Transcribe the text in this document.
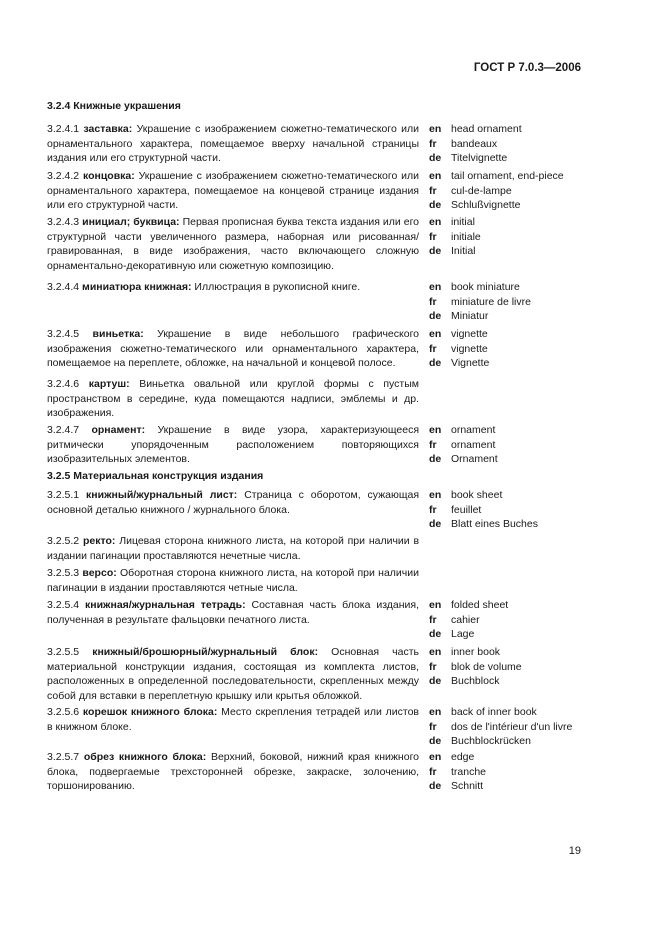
ГОСТ Р 7.0.3—2006
3.2.4 Книжные украшения
3.2.5 Материальная конструкция издания
3.2.4.1 заставка: Украшение с изображением сюжетно-тематического или орнаментального характера, помещаемое вверху начальной страницы издания или его структурной части.
en head ornament
fr	bandeaux
de Titelvignette
3.2.4.2 концовка: Украшение с изображением сюжетно-тематического или орнаментального характера, помещаемое на концевой странице издания или его структурной части.
en tail ornament, end-piece
fr	cul-de-lampe
de Schlußvignette
3.2.4.3 инициал; буквица: Первая прописная буква текста издания или его структурной части увеличенного размера, наборная или рисованная/гравированная, в виде изображения, часто включающего сложную орнаментально-декоративную или сюжетную композицию.
en initial
fr	initiale
de Initial
3.2.4.4 миниатюра книжная: Иллюстрация в рукописной книге.	en book miniature
fr	miniature de livre
de Miniatur
3.2.4.5 виньетка: Украшение в виде небольшого графического изображения сюжетно-тематического или орнаментального характера, помещаемое на переплете, обложке, на начальной и концевой полосе.
en vignette
fr	vignette
de Vignette
3.2.4.6 картуш: Виньетка овальной или круглой формы с пустым пространством в середине, куда помещаются надписи, эмблемы и др. изображения.
3.2.4.7 орнамент: Украшение в виде узора, характеризующееся ритмически упорядоченным расположением повторяющихся изобразительных элементов.
en ornament
fr	ornament
de Ornament
3.2.5.1 книжный/журнальный лист: Страница с оборотом, сужающая основной деталью книжного / журнального блока.
en book sheet
fr	feuillet
de Blatt eines Buches
3.2.5.2 ректо: Лицевая сторона книжного листа, на которой при наличии в издании пагинации проставляются нечетные числа.
3.2.5.3 версо: Оборотная сторона книжного листа, на которой при наличии пагинации в издании проставляются четные числа.
3.2.5.4 книжная/журнальная тетрадь: Составная часть блока издания, полученная в результате фальцовки печатного листа.
en folded sheet
fr	cahier
de Lage
3.2.5.5 книжный/брошюрный/журнальный блок: Основная часть материальной конструкции издания, состоящая из комплекта листов, расположенных в определенной последовательности, скрепленных между собой для вставки в переплетную крышку или крытья обложкой.
en inner book
fr	blok de volume
de Buchblock
3.2.5.6 корешок книжного блока: Место скрепления тетрадей или листов в книжном блоке.
en back of inner book
fr	dos de l'intérieur d'un livre
de Buchblockrücken
3.2.5.7 обрез книжного блока: Верхний, боковой, нижний края книжного блока, подвергаемые трехсторонней обрезке, закраске, золочению, торшонированию.
en edge
fr	tranche
de Schnitt
19
